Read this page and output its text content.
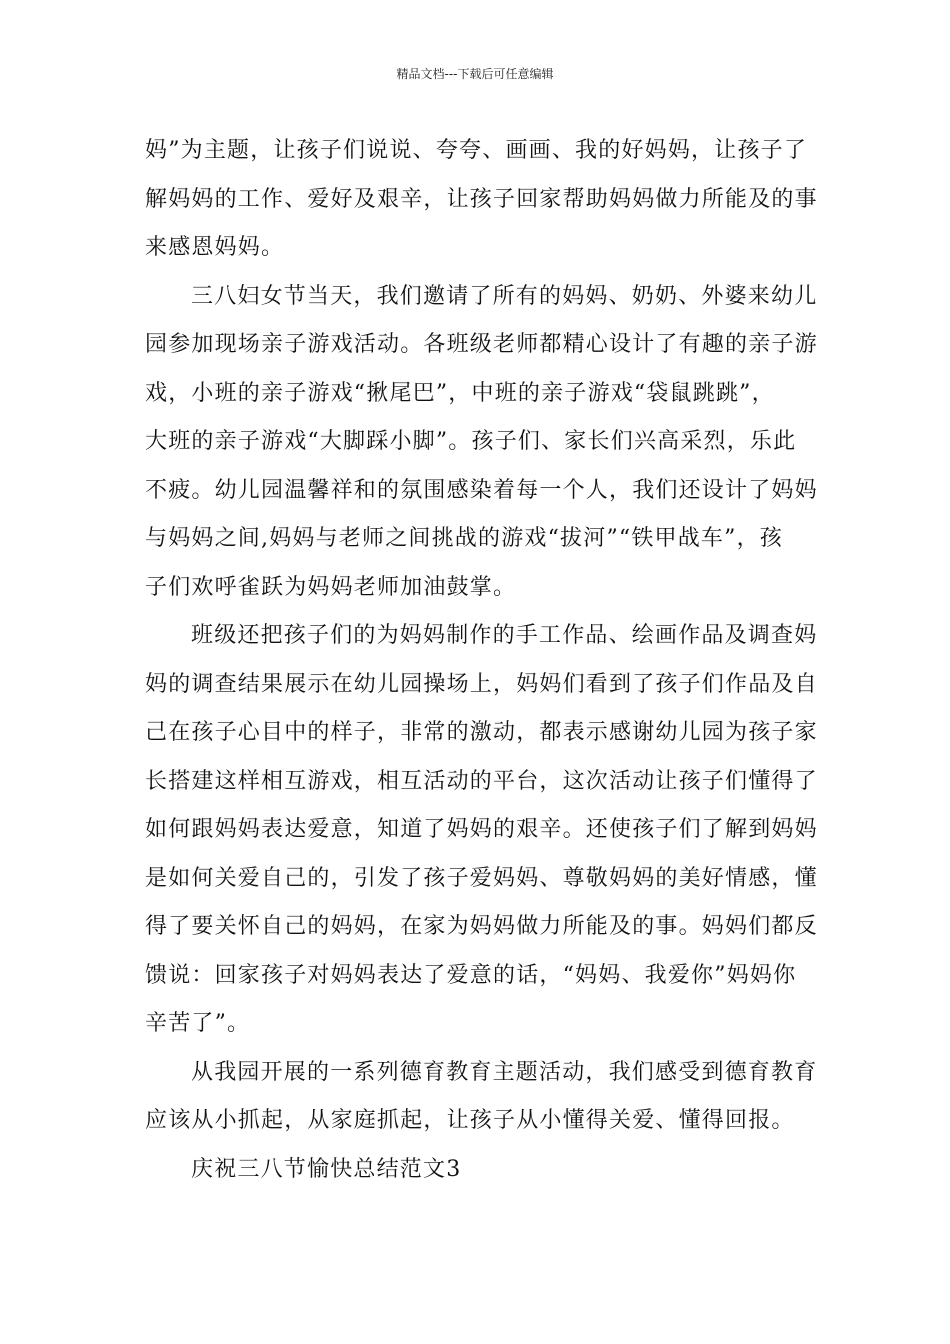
精品文档---下载后可任意编辑
妈”为主题，让孩子们说说、夸夸、画画、我的好妈妈，让孩子了
解妈妈的工作、爱好及艰辛，让孩子回家帮助妈妈做力所能及的事
来感恩妈妈。
三八妇女节当天，我们邀请了所有的妈妈、奶奶、外婆来幼儿
园参加现场亲子游戏活动。各班级老师都精心设计了有趣的亲子游
戏，小班的亲子游戏“揪尾巴”，中班的亲子游戏“袋鼠跳跳”，
大班的亲子游戏“大脚踩小脚”。孩子们、家长们兴高采烈，乐此
不疲。幼儿园温馨祥和的氛围感染着每一个人，我们还设计了妈妈
与妈妈之间,妈妈与老师之间挑战的游戏“拔河”“铁甲战车”，孩
子们欢呼雀跃为妈妈老师加油鼓掌。
班级还把孩子们的为妈妈制作的手工作品、绘画作品及调查妈
妈的调查结果展示在幼儿园操场上，妈妈们看到了孩子们作品及自
己在孩子心目中的样子，非常的激动，都表示感谢幼儿园为孩子家
长搭建这样相互游戏，相互活动的平台，这次活动让孩子们懂得了
如何跟妈妈表达爱意，知道了妈妈的艰辛。还使孩子们了解到妈妈
是如何关爱自己的，引发了孩子爱妈妈、尊敬妈妈的美好情感，懂
得了要关怀自己的妈妈，在家为妈妈做力所能及的事。妈妈们都反
馈说：回家孩子对妈妈表达了爱意的话，“妈妈、我爱你”妈妈你
辛苦了”。
从我园开展的一系列德育教育主题活动，我们感受到德育教育
应该从小抓起，从家庭抓起，让孩子从小懂得关爱、懂得回报。
庆祝三八节愉快总结范文3
